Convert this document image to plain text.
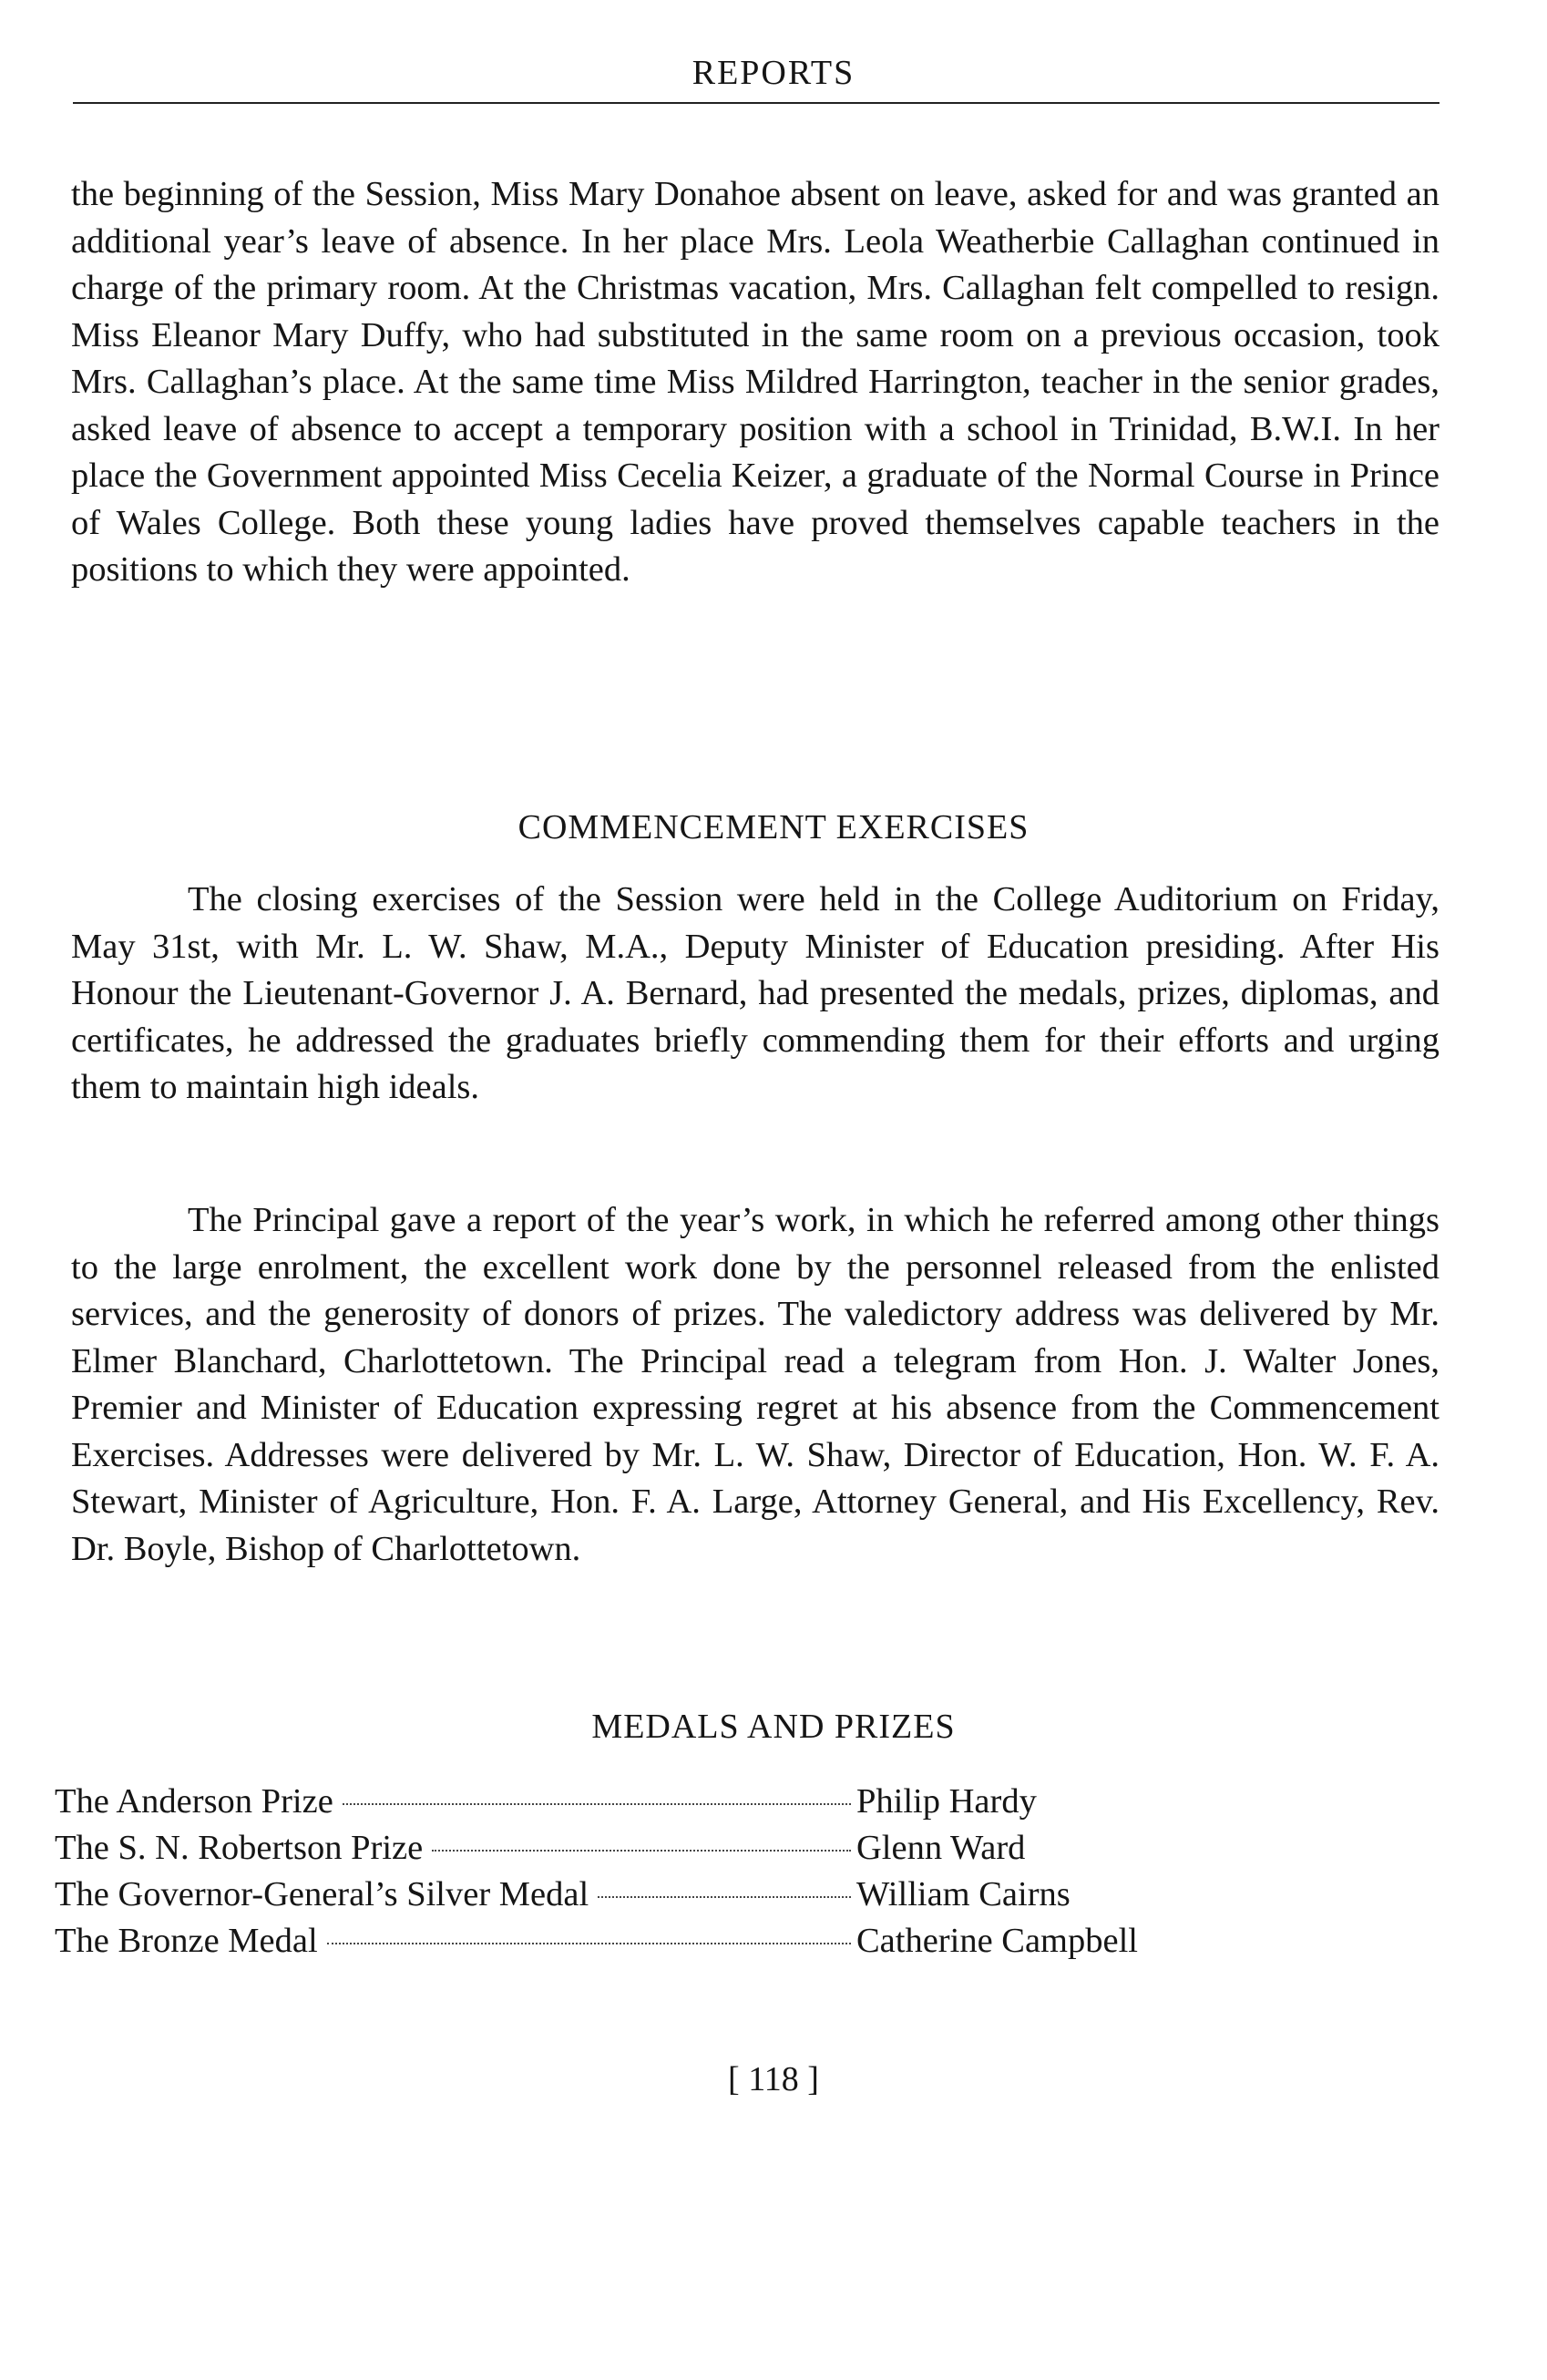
REPORTS

the beginning of the Session, Miss Mary Donahoe absent on leave, asked for and was granted an additional year’s leave of absence. In her place Mrs. Leola Weatherbie Callaghan continued in charge of the primary room. At the Christmas vacation, Mrs. Callaghan felt compelled to resign. Miss Eleanor Mary Duffy, who had substituted in the same room on a previous occasion, took Mrs. Callaghan’s place. At the same time Miss Mildred Harrington, teacher in the senior grades, asked leave of absence to accept a temporary position with a school in Trinidad, B.W.I. In her place the Government appointed Miss Cecelia Keizer, a graduate of the Normal Course in Prince of Wales College. Both these young ladies have proved themselves capable teachers in the positions to which they were appointed.

COMMENCEMENT EXERCISES

The closing exercises of the Session were held in the College Auditorium on Friday, May 31st, with Mr. L. W. Shaw, M.A., Deputy Minister of Education presiding. After His Honour the Lieutenant-Governor J. A. Bernard, had presented the medals, prizes, diplomas, and certificates, he addressed the graduates briefly commending them for their efforts and urging them to maintain high ideals.

The Principal gave a report of the year’s work, in which he referred among other things to the large enrolment, the excellent work done by the personnel released from the enlisted services, and the generosity of donors of prizes. The valedictory address was delivered by Mr. Elmer Blanchard, Charlottetown. The Principal read a telegram from Hon. J. Walter Jones, Premier and Minister of Education expressing regret at his absence from the Commencement Exercises. Addresses were delivered by Mr. L. W. Shaw, Director of Education, Hon. W. F. A. Stewart, Minister of Agriculture, Hon. F. A. Large, Attorney General, and His Excellency, Rev. Dr. Boyle, Bishop of Charlottetown.

MEDALS AND PRIZES
The Anderson Prize	Philip Hardy
The S. N. Robertson Prize	Glenn Ward
The Governor-General’s Silver Medal	William Cairns
The Bronze Medal	Catherine Campbell
[ 118 ]
